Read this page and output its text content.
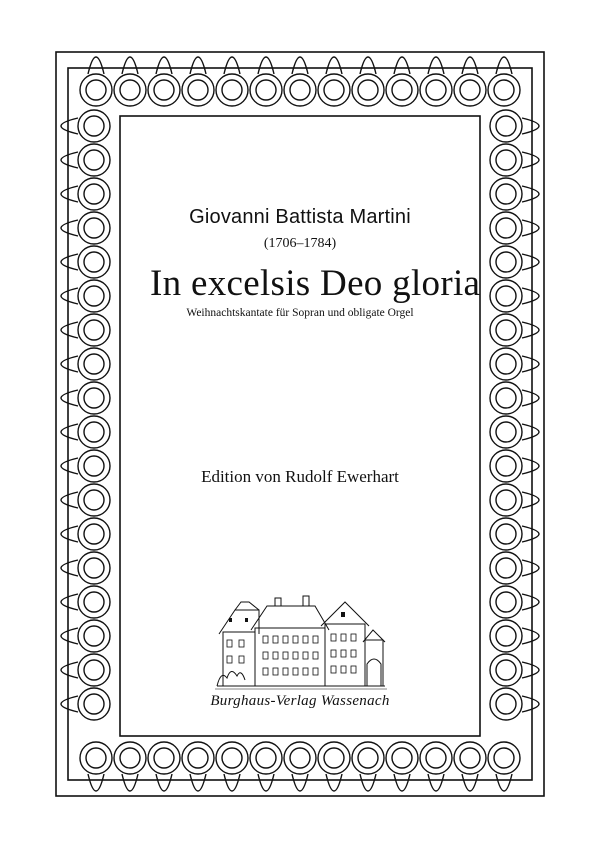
Giovanni Battista Martini
(1706–1784)
In excelsis Deo gloria
Weihnachtskantate für Sopran und obligate Orgel
Edition von Rudolf Ewerhart
Burghaus-Verlag Wassenach
